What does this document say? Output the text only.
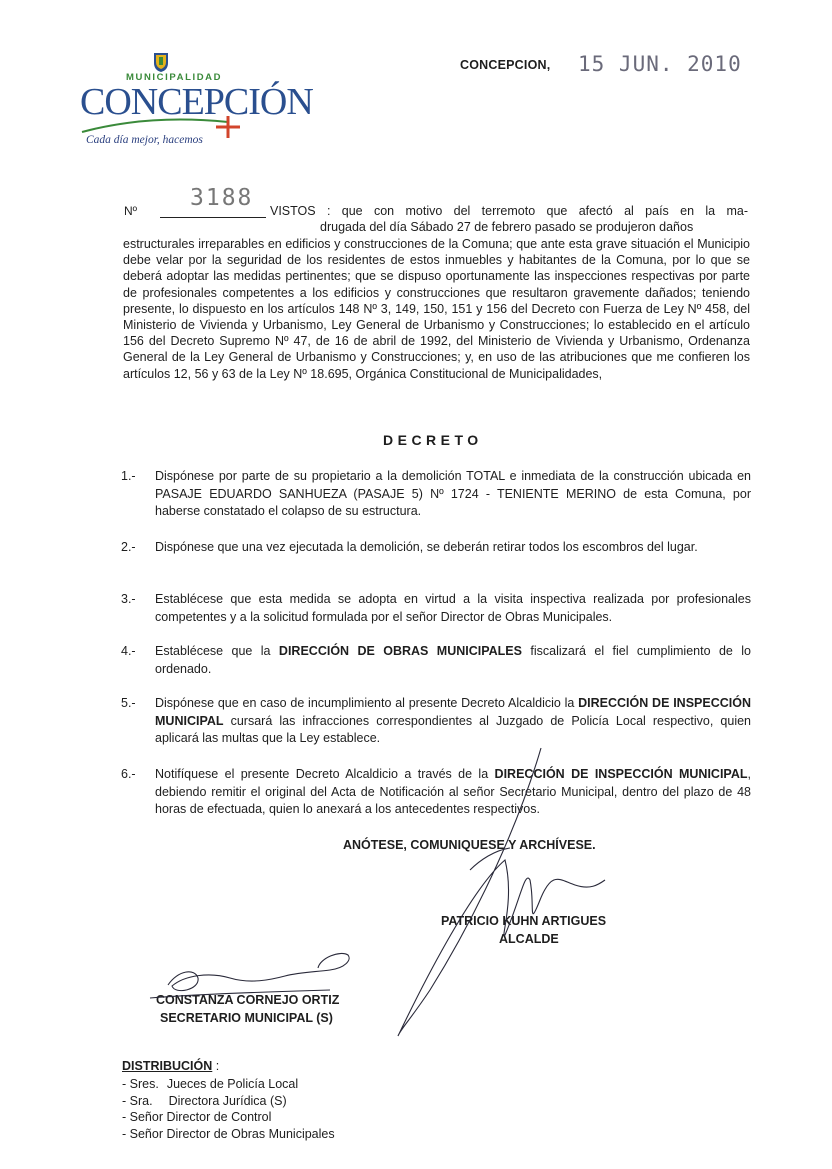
MUNICIPALIDAD
CONCEPCIÓN
Cada día mejor, hacemos
CONCEPCION, 15 JUN. 2010
Nº 3188 VISTOS : que con motivo del terremoto que afectó al país en la ma-
drugada del día Sábado 27 de febrero pasado se produjeron daños
estructurales irreparables en edificios y construcciones de la Comuna; que ante esta grave situación el Municipio debe velar por la seguridad de los residentes de estos inmuebles y habitantes de la Comuna, por lo que se deberá adoptar las medidas pertinentes; que se dispuso oportunamente las inspecciones respectivas por parte de profesionales competentes a los edificios y construcciones que resultaron gravemente dañados; teniendo presente, lo dispuesto en los artículos 148 Nº 3, 149, 150, 151 y 156 del Decreto con Fuerza de Ley Nº 458, del Ministerio de Vivienda y Urbanismo, Ley General de Urbanismo y Construcciones; lo establecido en el artículo 156 del Decreto Supremo Nº 47, de 16 de abril de 1992, del Ministerio de Vivienda y Urbanismo, Ordenanza General de la Ley General de Urbanismo y Construcciones; y, en uso de las atribuciones que me confieren los artículos 12, 56 y 63 de la Ley Nº 18.695, Orgánica Constitucional de Municipalidades,
DECRETO
1.-	Dispónese por parte de su propietario a la demolición TOTAL e inmediata de la construcción ubicada en PASAJE EDUARDO SANHUEZA (PASAJE 5) Nº 1724 - TENIENTE MERINO de esta Comuna, por haberse constatado el colapso de su estructura.
2.-	Dispónese que una vez ejecutada la demolición, se deberán retirar todos los escombros del lugar.
3.-	Establécese que esta medida se adopta en virtud a la visita inspectiva realizada por profesionales competentes y a la solicitud formulada por el señor Director de Obras Municipales.
4.-	Establécese que la DIRECCIÓN DE OBRAS MUNICIPALES fiscalizará el fiel cumplimiento de lo ordenado.
5.-	Dispónese que en caso de incumplimiento al presente Decreto Alcaldicio la DIRECCIÓN DE INSPECCIÓN MUNICIPAL cursará las infracciones correspondientes al Juzgado de Policía Local respectivo, quien aplicará las multas que la Ley establece.
6.-	Notifíquese el presente Decreto Alcaldicio a través de la DIRECCIÓN DE INSPECCIÓN MUNICIPAL, debiendo remitir el original del Acta de Notificación al señor Secretario Municipal, dentro del plazo de 48 horas de efectuada, quien lo anexará a los antecedentes respectivos.
ANÓTESE, COMUNIQUESE Y ARCHÍVESE.
PATRICIO KUHN ARTIGUES
ALCALDE
CONSTANZA CORNEJO ORTIZ
SECRETARIO MUNICIPAL (S)
DISTRIBUCIÓN :
- Sres. Jueces de Policía Local
- Sra. Directora Jurídica (S)
- Señor Director de Control
- Señor Director de Obras Municipales
